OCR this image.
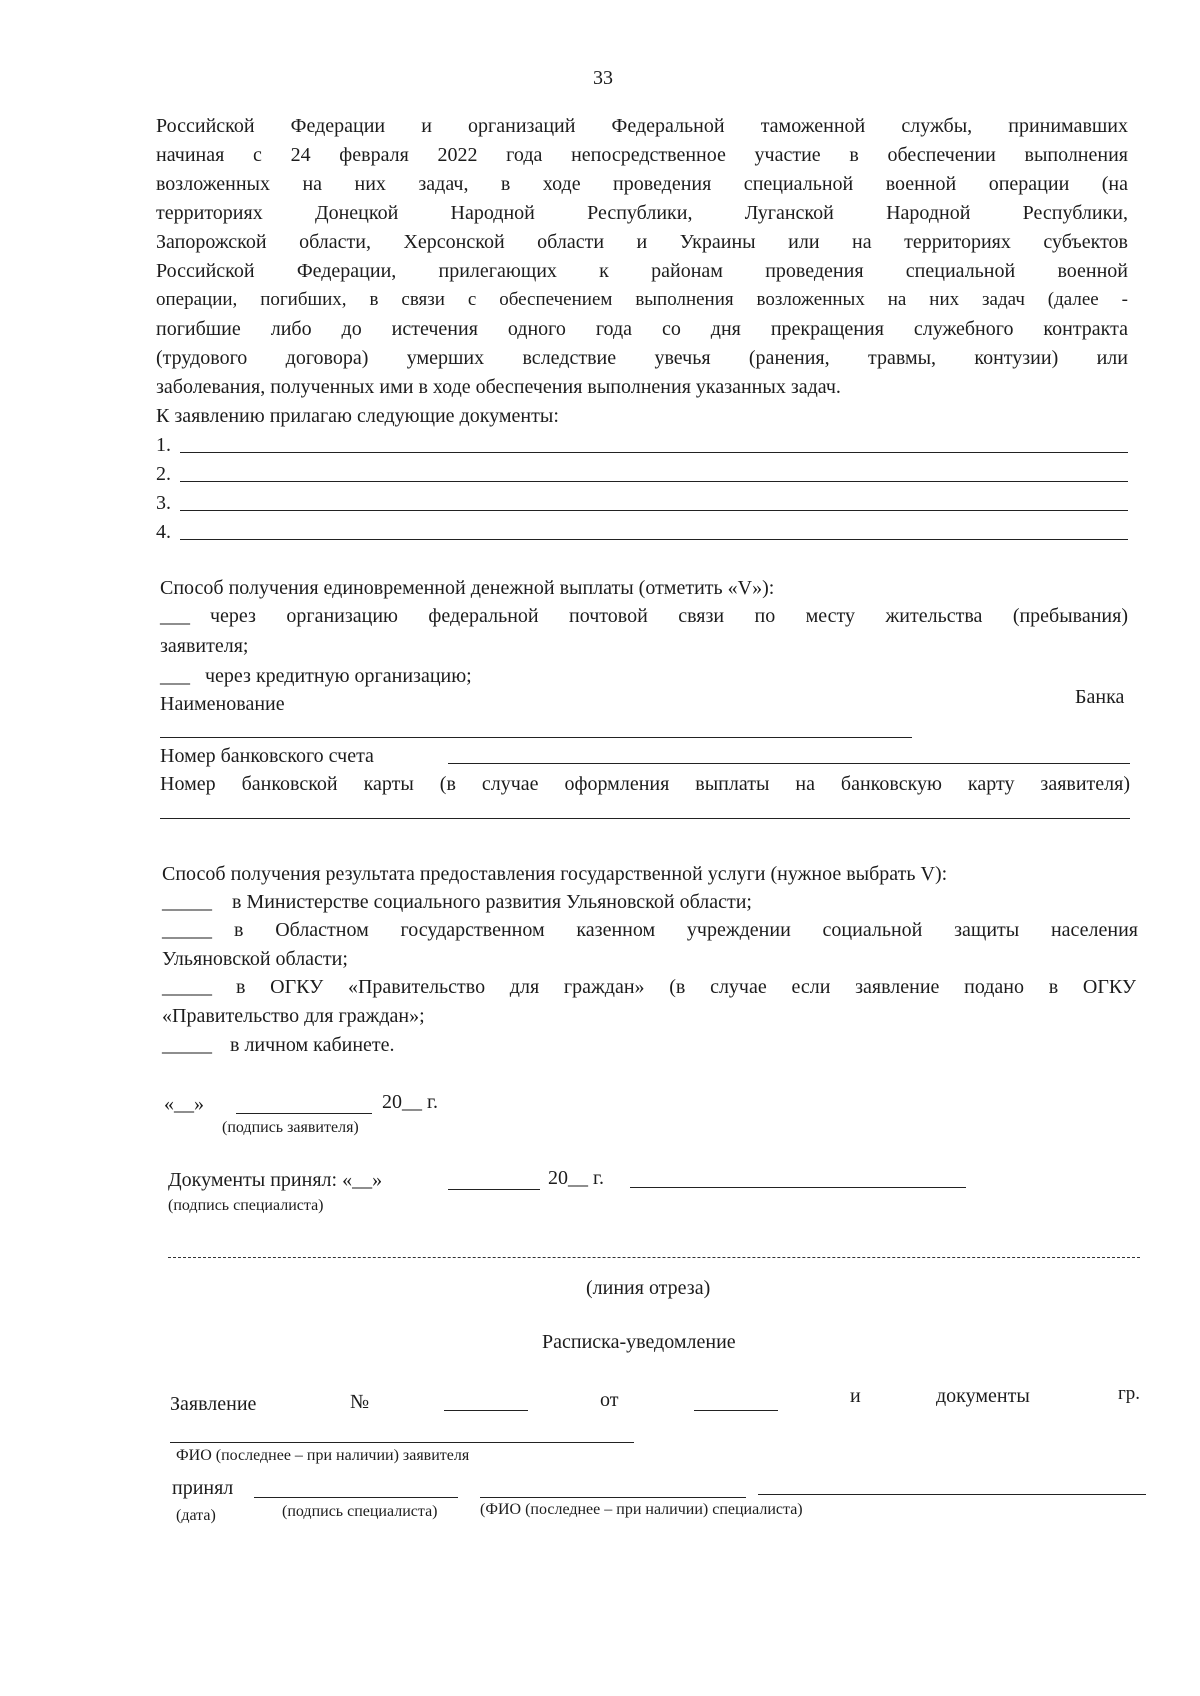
33
Российской Федерации и организаций Федеральной таможенной службы, принимавших
начиная с 24 февраля 2022 года непосредственное участие в обеспечении выполнения
возложенных на них задач, в ходе проведения специальной военной операции (на
территориях Донецкой Народной Республики, Луганской Народной Республики,
Запорожской области, Херсонской области и Украины или на территориях субъектов
Российской Федерации, прилегающих к районам проведения специальной военной
операции, погибших, в связи с обеспечением выполнения возложенных на них задач (далее -
погибшие либо до истечения одного года со дня прекращения служебного контракта
(трудового договора) умерших вследствие увечья (ранения, травмы, контузии) или
заболевания, полученных ими в ходе обеспечения выполнения указанных задач.
К заявлению прилагаю следующие документы:
1.
2.
3.
4.
Способ получения единовременной денежной выплаты (отметить «V»):
___ через организацию федеральной почтовой связи по месту жительства (пребывания)
заявителя;
___ через кредитную организацию;
Наименование	Банка
Номер банковского счета
Номер банковской карты (в случае оформления выплаты на банковскую карту заявителя)
Способ получения результата предоставления государственной услуги (нужное выбрать V):
_____ в Министерстве социального развития Ульяновской области;
_____ в Областном государственном казенном учреждении социальной защиты населения
Ульяновской области;
_____ в ОГКУ «Правительство для граждан» (в случае если заявление подано в ОГКУ
«Правительство для граждан»;
_____ в личном кабинете.
«__»	20__ г.
(подпись заявителя)
Документы принял: «__»	20__ г.
(подпись специалиста)
(линия отреза)
Расписка-уведомление
Заявление	№	от	и	документы	гр.
ФИО (последнее – при наличии) заявителя
принял
(дата)	(подпись специалиста)	(ФИО (последнее – при наличии) специалиста)
